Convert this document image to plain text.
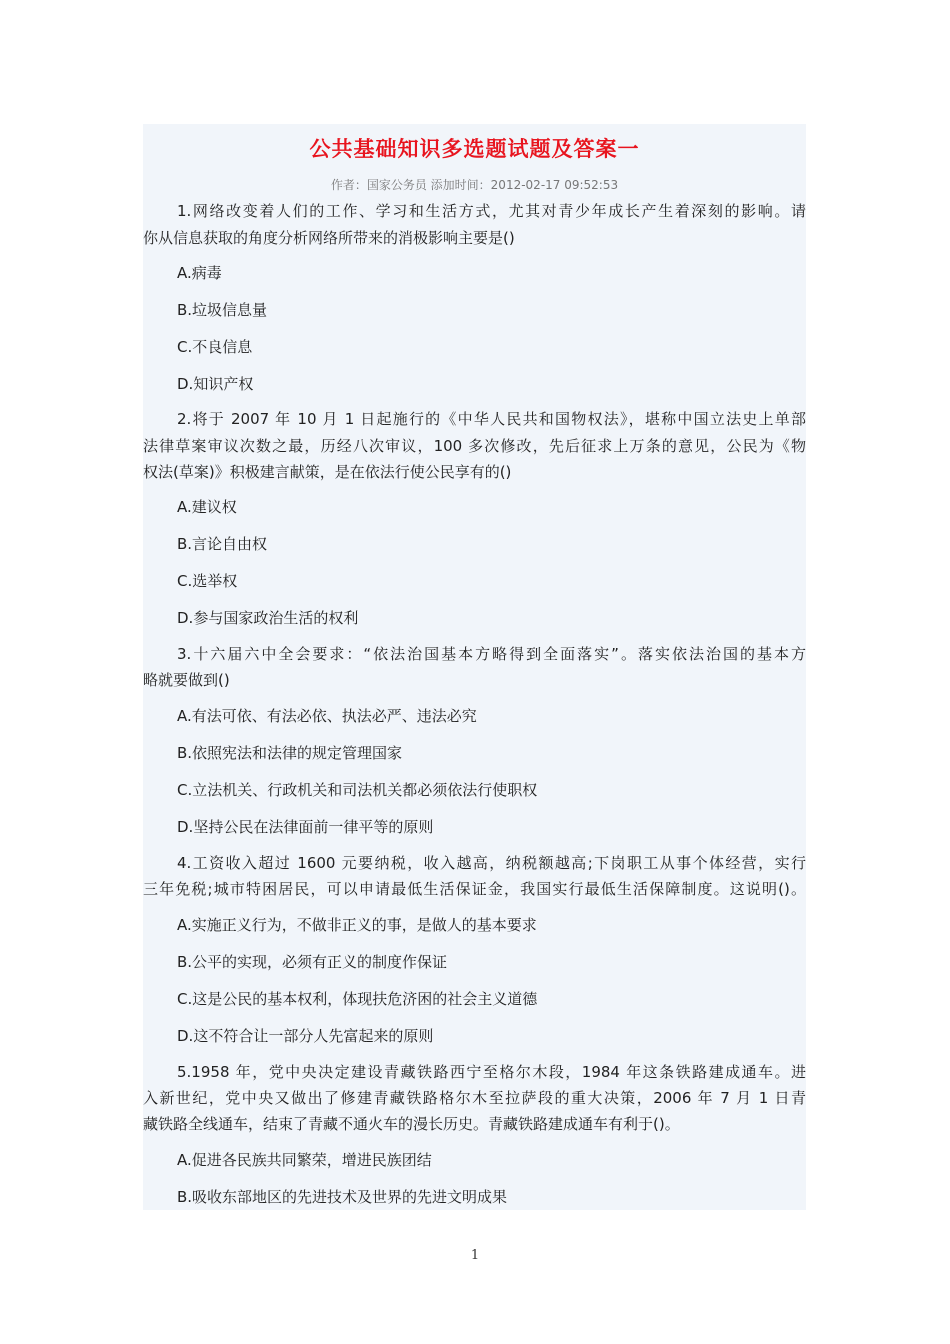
公共基础知识多选题试题及答案一
作者：国家公务员 添加时间：2012-02-17 09:52:53
1.网络改变着人们的工作、学习和生活方式，尤其对青少年成长产生着深刻的影响。请
你从信息获取的角度分析网络所带来的消极影响主要是()
A.病毒
B.垃圾信息量
C.不良信息
D.知识产权
2.将于 2007 年 10 月 1 日起施行的《中华人民共和国物权法》，堪称中国立法史上单部
法律草案审议次数之最，历经八次审议，100 多次修改，先后征求上万条的意见，公民为《物
权法(草案)》积极建言献策，是在依法行使公民享有的()
A.建议权
B.言论自由权
C.选举权
D.参与国家政治生活的权利
3.十六届六中全会要求：“依法治国基本方略得到全面落实”。落实依法治国的基本方
略就要做到()
A.有法可依、有法必依、执法必严、违法必究
B.依照宪法和法律的规定管理国家
C.立法机关、行政机关和司法机关都必须依法行使职权
D.坚持公民在法律面前一律平等的原则
4.工资收入超过 1600 元要纳税，收入越高，纳税额越高;下岗职工从事个体经营，实行
三年免税;城市特困居民，可以申请最低生活保证金，我国实行最低生活保障制度。这说明()。
A.实施正义行为，不做非正义的事，是做人的基本要求
B.公平的实现，必须有正义的制度作保证
C.这是公民的基本权利，体现扶危济困的社会主义道德
D.这不符合让一部分人先富起来的原则
5.1958 年，党中央决定建设青藏铁路西宁至格尔木段，1984 年这条铁路建成通车。进
入新世纪，党中央又做出了修建青藏铁路格尔木至拉萨段的重大决策，2006 年 7 月 1 日青
藏铁路全线通车，结束了青藏不通火车的漫长历史。青藏铁路建成通车有利于()。
A.促进各民族共同繁荣，增进民族团结
B.吸收东部地区的先进技术及世界的先进文明成果
1
